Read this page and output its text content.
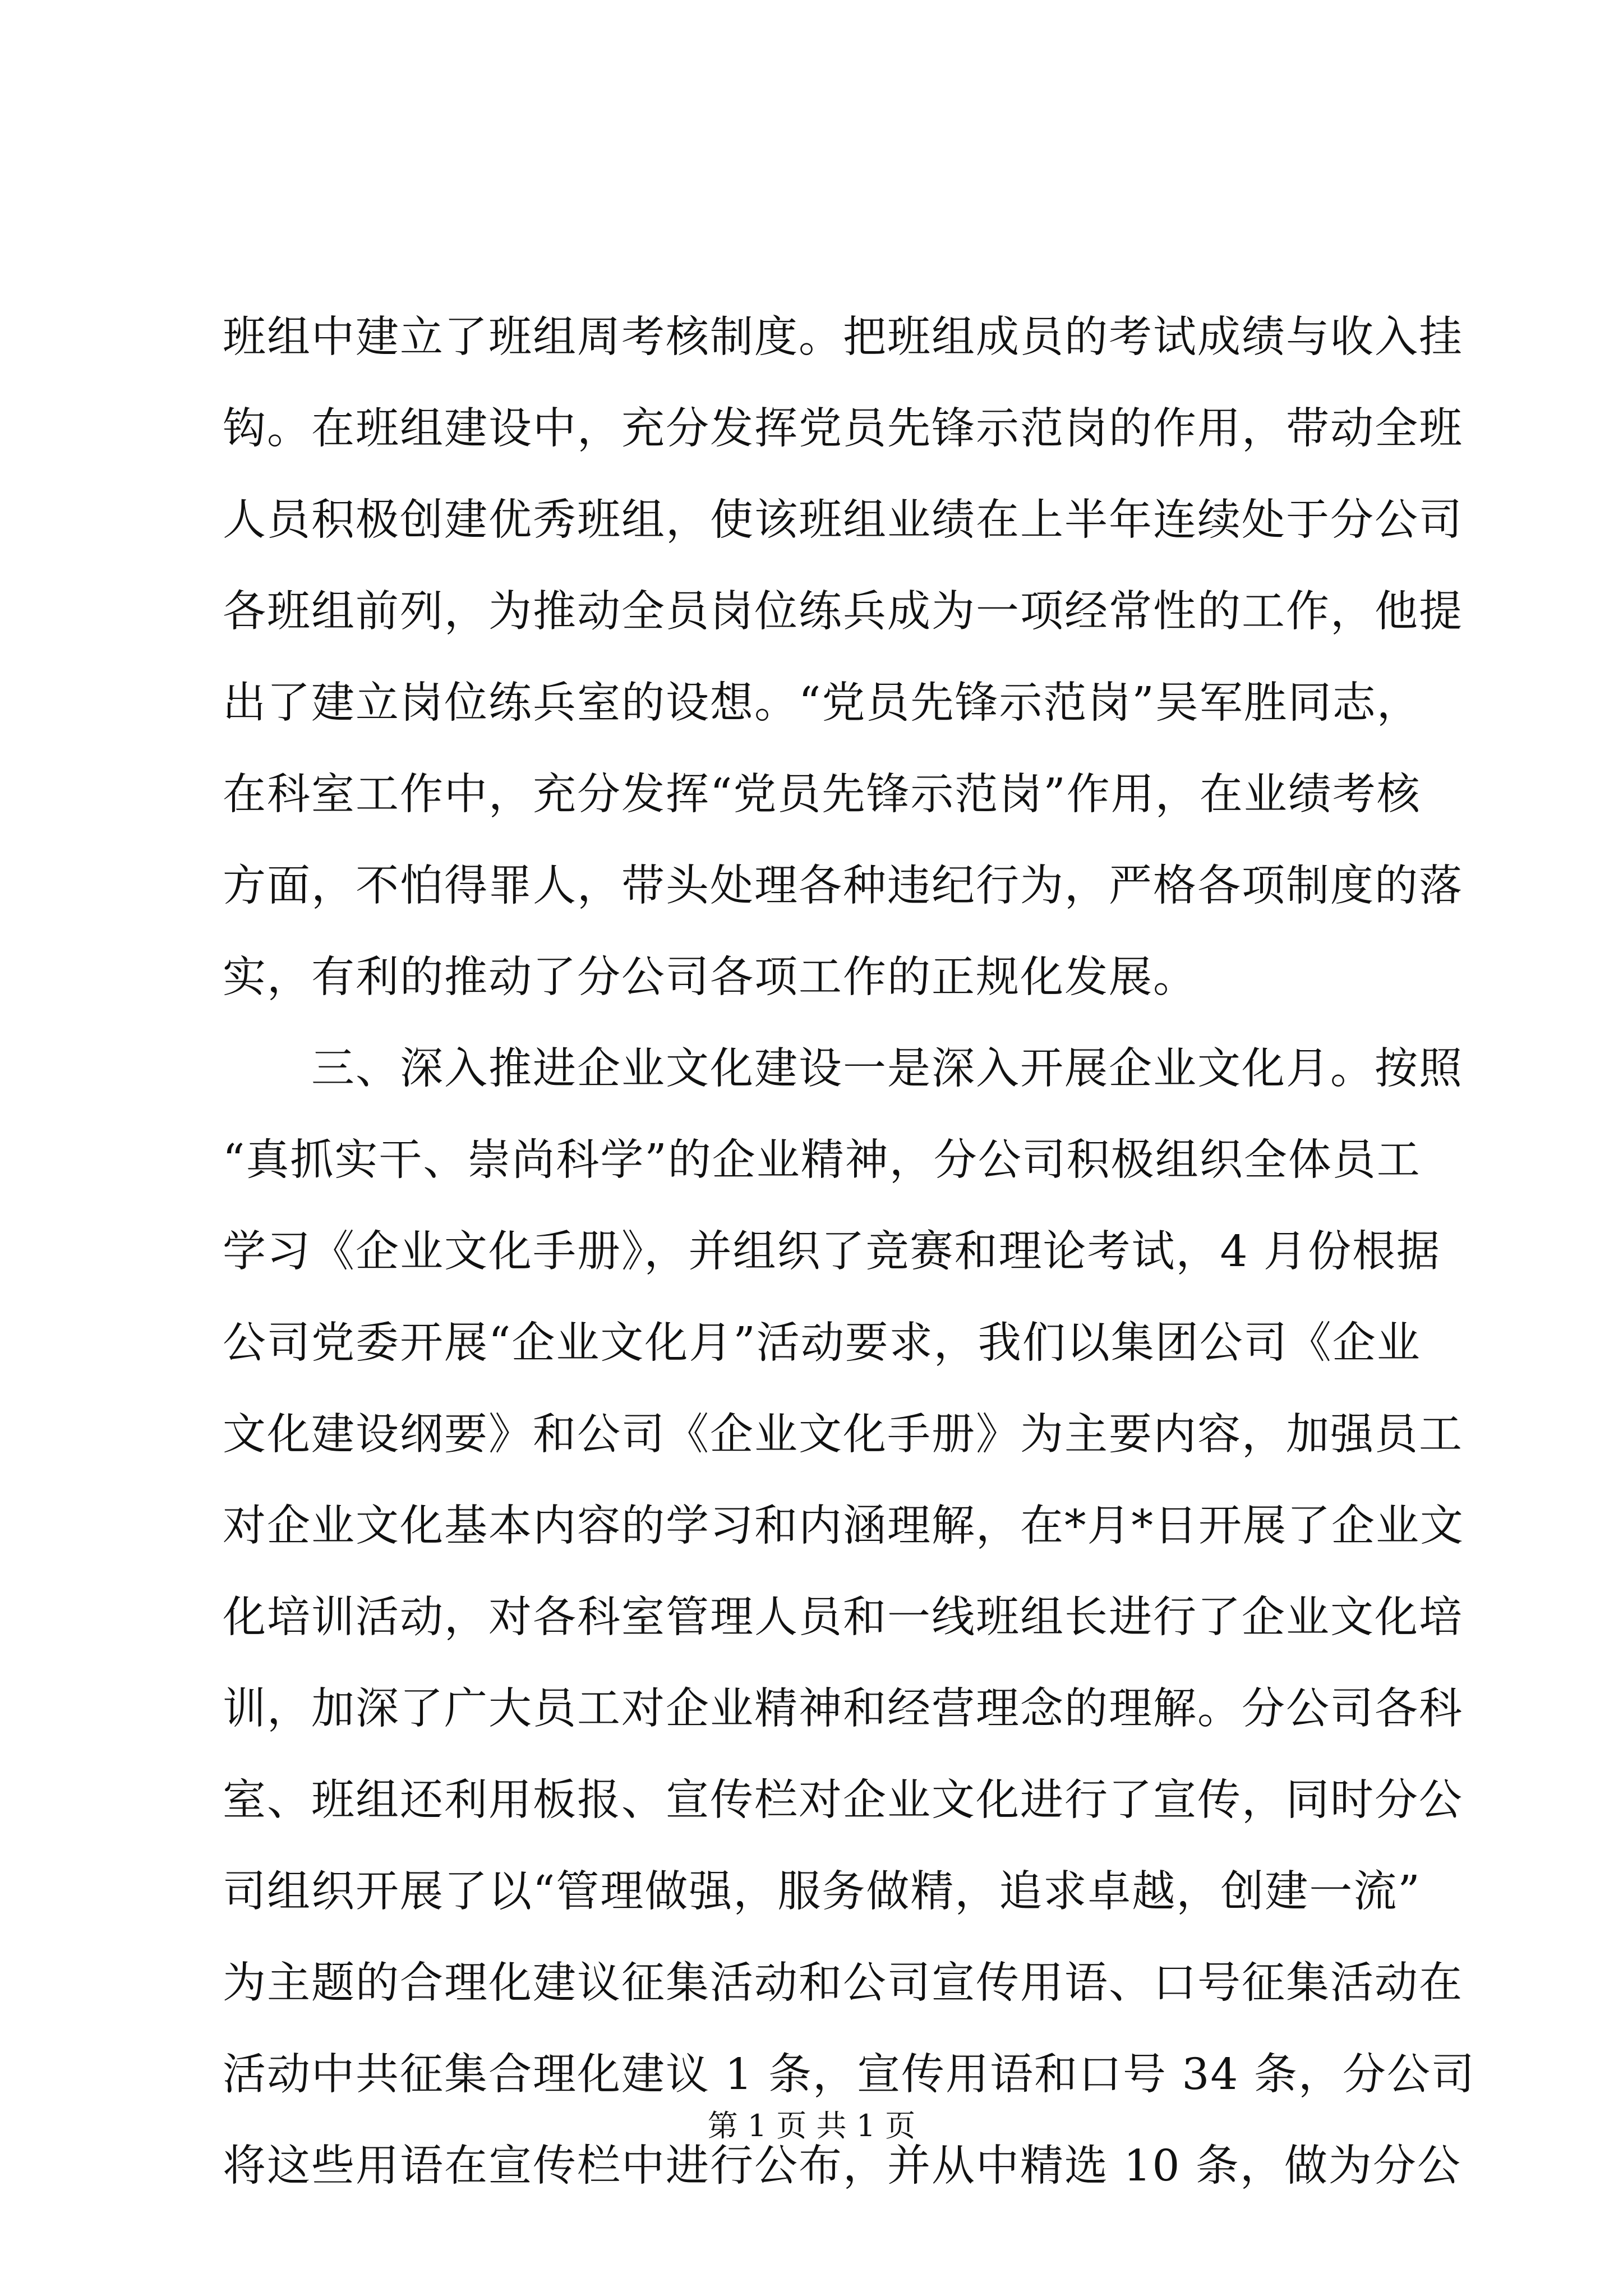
班组中建立了班组周考核制度。把班组成员的考试成绩与收入挂
钩。在班组建设中，充分发挥党员先锋示范岗的作用，带动全班
人员积极创建优秀班组，使该班组业绩在上半年连续处于分公司
各班组前列，为推动全员岗位练兵成为一项经常性的工作，他提
出了建立岗位练兵室的设想。“党员先锋示范岗”吴军胜同志，
在科室工作中，充分发挥“党员先锋示范岗”作用，在业绩考核
方面，不怕得罪人，带头处理各种违纪行为，严格各项制度的落
实，有利的推动了分公司各项工作的正规化发展。
　　三、深入推进企业文化建设一是深入开展企业文化月。按照
“真抓实干、崇尚科学”的企业精神，分公司积极组织全体员工
学习《企业文化手册》，并组织了竞赛和理论考试，4 月份根据
公司党委开展“企业文化月”活动要求，我们以集团公司《企业
文化建设纲要》和公司《企业文化手册》为主要内容，加强员工
对企业文化基本内容的学习和内涵理解，在*月*日开展了企业文
化培训活动，对各科室管理人员和一线班组长进行了企业文化培
训，加深了广大员工对企业精神和经营理念的理解。分公司各科
室、班组还利用板报、宣传栏对企业文化进行了宣传，同时分公
司组织开展了以“管理做强，服务做精，追求卓越，创建一流”
为主题的合理化建议征集活动和公司宣传用语、口号征集活动在
活动中共征集合理化建议 1 条，宣传用语和口号 34 条，分公司
将这些用语在宣传栏中进行公布，并从中精选 10 条，做为分公
第 1 页 共 1 页
